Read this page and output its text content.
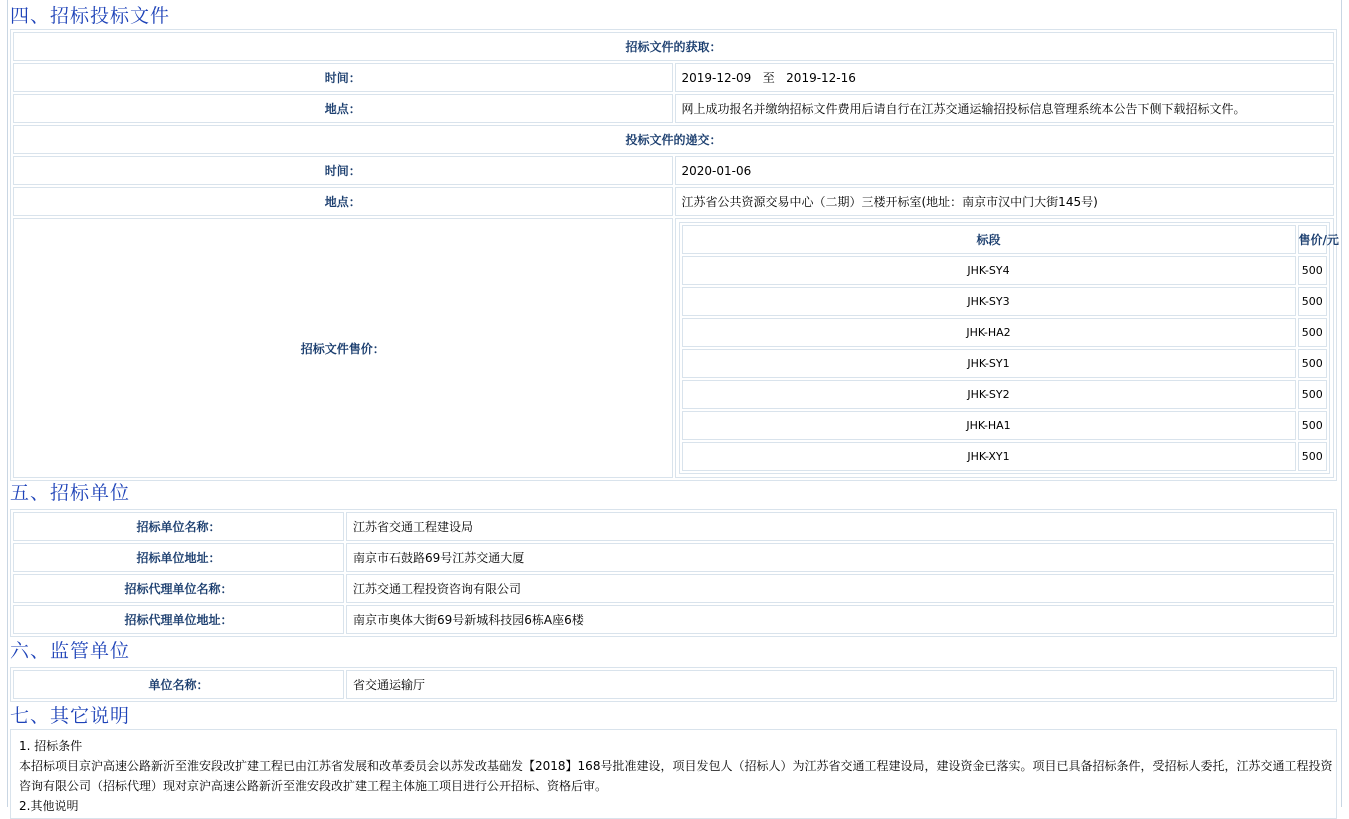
四、招标投标文件
招标文件的获取：
时间：	2019-12-09 至 2019-12-16
地点：	网上成功报名并缴纳招标文件费用后请自行在江苏交通运输招投标信息管理系统本公告下侧下载招标文件。
投标文件的递交：
时间：	2020-01-06
地点：	江苏省公共资源交易中心（二期）三楼开标室(地址：南京市汉中门大街145号)
招标文件售价：	
标段	售价/元
JHK-SY4	500
JHK-SY3	500
JHK-HA2	500
JHK-SY1	500
JHK-SY2	500
JHK-HA1	500
JHK-XY1	500
五、招标单位
招标单位名称：	江苏省交通工程建设局
招标单位地址：	南京市石鼓路69号江苏交通大厦
招标代理单位名称：	江苏交通工程投资咨询有限公司
招标代理单位地址：	南京市奥体大街69号新城科技园6栋A座6楼
六、监管单位
单位名称：	省交通运输厅
七、其它说明
1. 招标条件
本招标项目京沪高速公路新沂至淮安段改扩建工程已由江苏省发展和改革委员会以苏发改基础发【2018】168号批准建设，项目发包人（招标人）为江苏省交通工程建设局，建设资金已落实。项目已具备招标条件，受招标人委托，江苏交通工程投资
咨询有限公司（招标代理）现对京沪高速公路新沂至淮安段改扩建工程主体施工项目进行公开招标、资格后审。
2.其他说明
